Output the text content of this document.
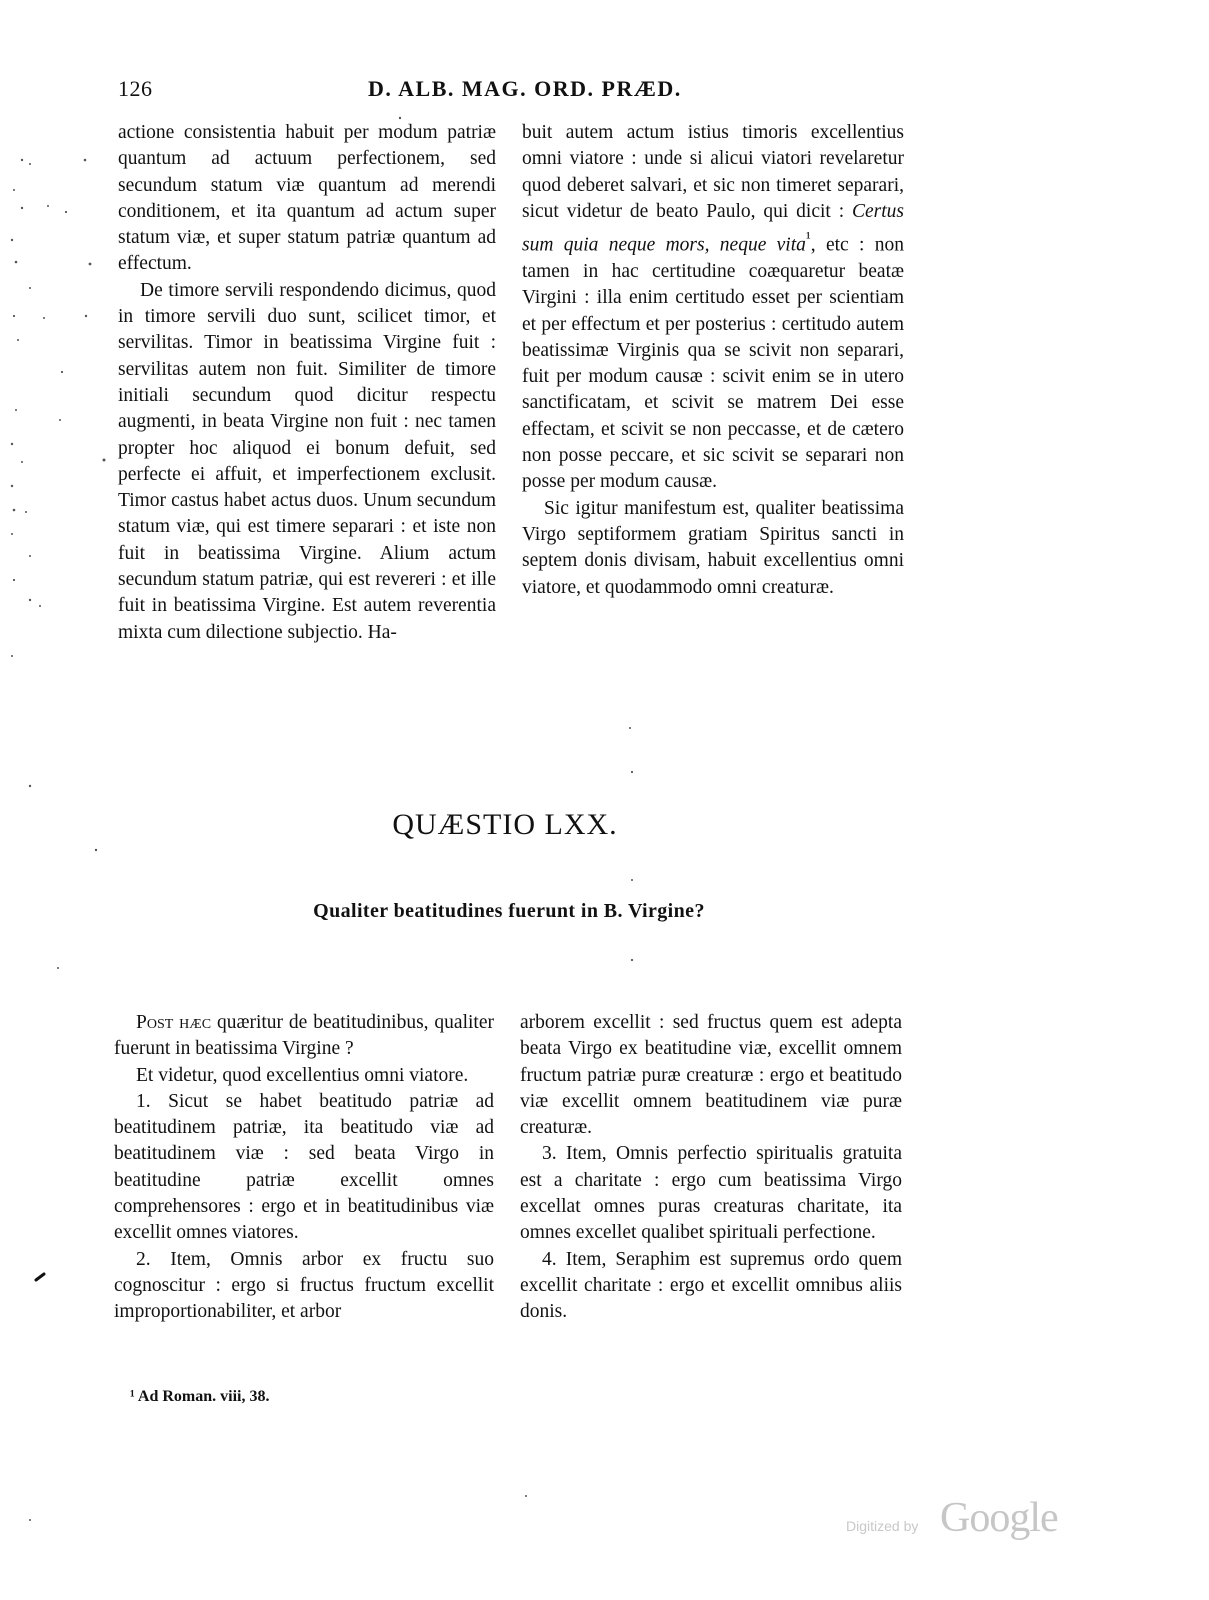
126	D. ALB. MAG. ORD. PRÆD.

actione consistentia habuit per modum patriæ quantum ad actuum perfectionem, sed secundum statum viæ quantum ad merendi conditionem, et ita quantum ad actum super statum viæ, et super statum patriæ quantum ad effectum.

De timore servili respondendo dicimus, quod in timore servili duo sunt, scilicet timor, et servilitas. Timor in beatissima Virgine fuit : servilitas autem non fuit. Similiter de timore initiali secundum quod dicitur respectu augmenti, in beata Virgine non fuit : nec tamen propter hoc aliquod ei bonum defuit, sed perfecte ei affuit, et imperfectionem exclusit. Timor castus habet actus duos. Unum secundum statum viæ, qui est timere separari : et iste non fuit in beatissima Virgine. Alium actum secundum statum patriæ, qui est revereri : et ille fuit in beatissima Virgine. Est autem reverentia mixta cum dilectione subjectio. Ha-

buit autem actum istius timoris excellentius omni viatore : unde si alicui viatori revelaretur quod deberet salvari, et sic non timeret separari, sicut videtur de beato Paulo, qui dicit : Certus sum quia neque mors, neque vita$^{^1}$, etc : non tamen in hac certitudine coæquaretur beatæ Virgini : illa enim certitudo esset per scientiam et per effectum et per posterius : certitudo autem beatissimæ Virginis qua se scivit non separari, fuit per modum causæ : scivit enim se in utero sanctificatam, et scivit se matrem Dei esse effectam, et scivit se non peccasse, et de cætero non posse peccare, et sic scivit se separari non posse per modum causæ.

Sic igitur manifestum est, qualiter beatissima Virgo septiformem gratiam Spiritus sancti in septem donis divisam, habuit excellentius omni viatore, et quodammodo omni creaturæ.

QUÆSTIO LXX.
Qualiter beatitudines fuerunt in B. Virgine?

Post hæc quæritur de beatitudinibus, qualiter fuerunt in beatissima Virgine ?

Et videtur, quod excellentius omni viatore.

1. Sicut se habet beatitudo patriæ ad beatitudinem patriæ, ita beatitudo viæ ad beatitudinem viæ : sed beata Virgo in beatitudine patriæ excellit omnes comprehensores : ergo et in beatitudinibus viæ excellit omnes viatores.

2. Item, Omnis arbor ex fructu suo cognoscitur : ergo si fructus fructum excellit improportionabiliter, et arbor

arborem excellit : sed fructus quem est adepta beata Virgo ex beatitudine viæ, excellit omnem fructum patriæ puræ creaturæ : ergo et beatitudo viæ excellit omnem beatitudinem viæ puræ creaturæ.

3. Item, Omnis perfectio spiritualis gratuita est a charitate : ergo cum beatissima Virgo excellat omnes puras creaturas charitate, ita omnes excellet qualibet spirituali perfectione.

4. Item, Seraphim est supremus ordo quem excellit charitate : ergo et excellit omnibus aliis donis.

¹ Ad Roman. viii, 38.
Digitized by Google
